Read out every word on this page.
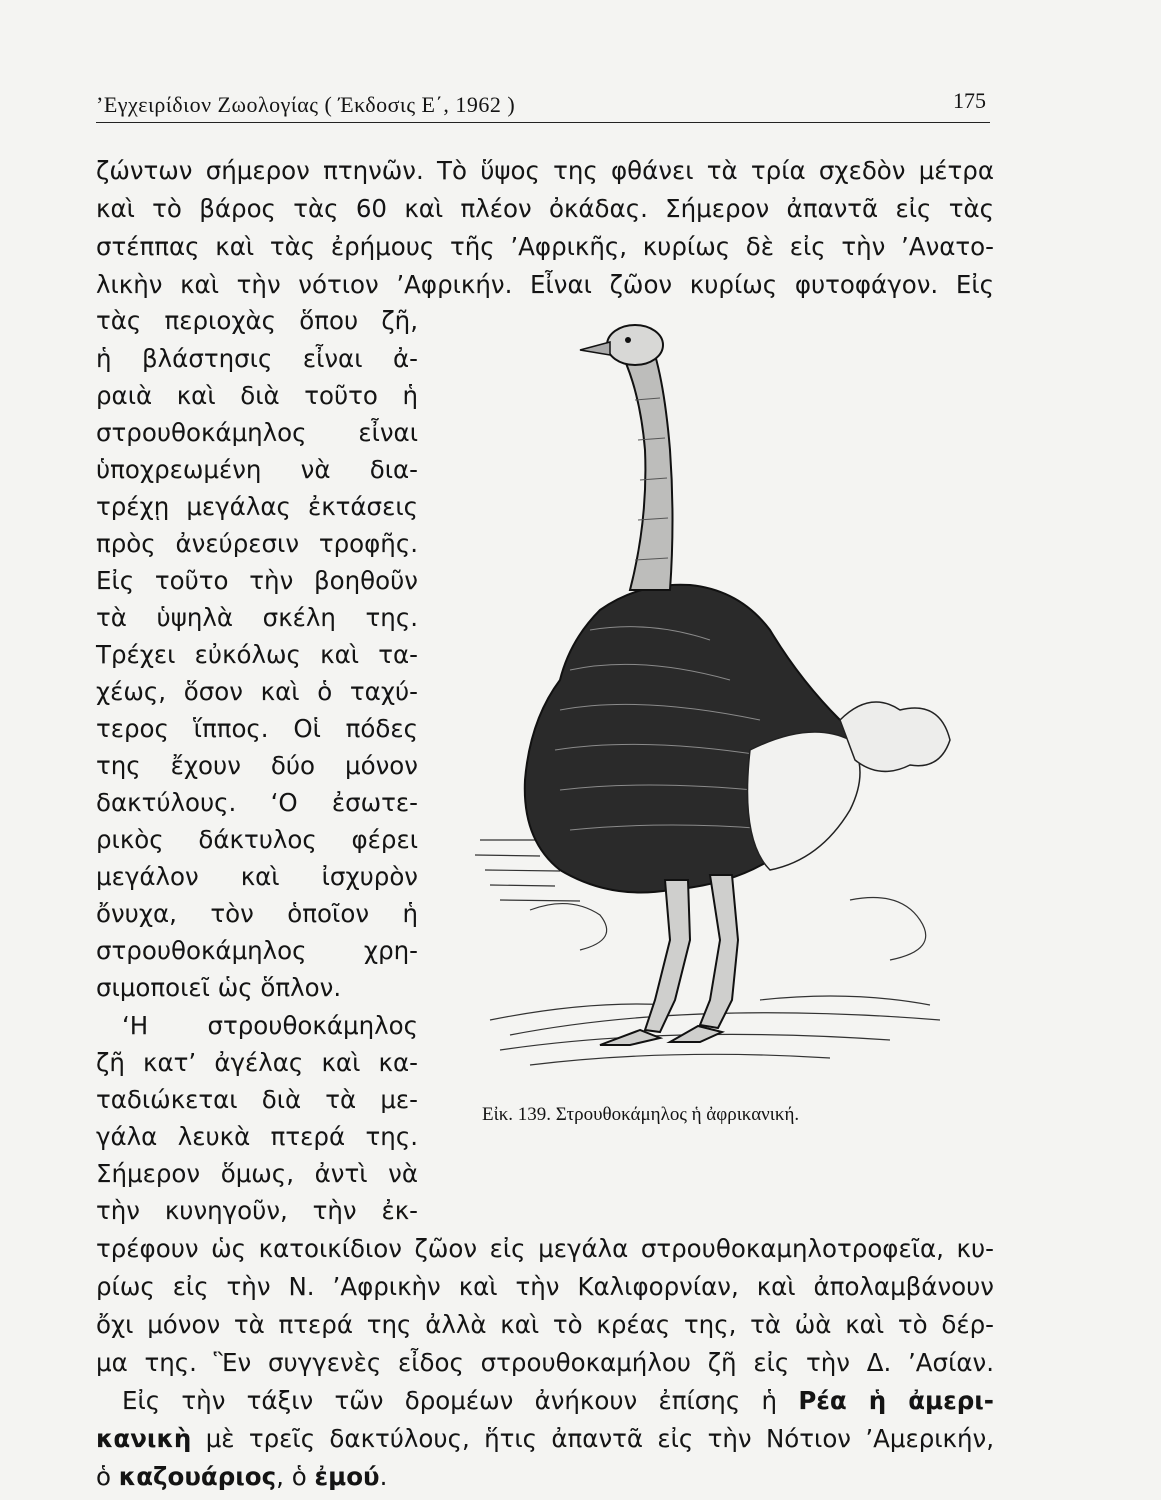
’Εγχειρίδιον Ζωολογίας ( Έκδοσις Ε΄, 1962 )	175
ζώντων σήμερον πτηνῶν. Τὸ ὕψος της φθάνει τὰ τρία σχεδὸν μέτρα
καὶ τὸ βάρος τὰς 60 καὶ πλέον ὀκάδας. Σήμερον ἀπαντᾶ εἰς τὰς
στέππας καὶ τὰς ἐρήμους τῆς ’Αφρικῆς, κυρίως δὲ εἰς τὴν ’Ανατο-
λικὴν καὶ τὴν νότιον ’Αφρικήν. Εἶναι ζῶον κυρίως φυτοφάγον. Εἰς
τὰς περιοχὰς ὅπου ζῆ,
ἡ βλάστησις εἶναι ἀ-
ραιὰ καὶ διὰ τοῦτο ἡ
στρουθοκάμηλος εἶναι
ὑποχρεωμένη νὰ δια-
τρέχῃ μεγάλας ἐκτάσεις
πρὸς ἀνεύρεσιν τροφῆς.
Εἰς τοῦτο τὴν βοηθοῦν
τὰ ὑψηλὰ σκέλη της.
Τρέχει εὐκόλως καὶ τα-
χέως, ὅσον καὶ ὁ ταχύ-
τερος ἵππος. Οἱ πόδες
της ἔχουν δύο μόνον
δακτύλους. ‘Ο ἐσωτε-
ρικὸς δάκτυλος φέρει
μεγάλον καὶ ἰσχυρὸν
ὄνυχα, τὸν ὁποῖον ἡ
στρουθοκάμηλος χρη-
σιμοποιεῖ ὡς ὅπλον.
‘Η στρουθοκάμηλος
ζῆ κατ’ ἀγέλας καὶ κα-
ταδιώκεται διὰ τὰ με-
γάλα λευκὰ πτερά της.
Σήμερον ὅμως, ἀντὶ νὰ
τὴν κυνηγοῦν, τὴν ἐκ-
τρέφουν ὡς κατοικίδιον ζῶον εἰς μεγάλα στρουθοκαμηλοτροφεῖα, κυ-
ρίως εἰς τὴν Ν. ’Αφρικὴν καὶ τὴν Καλιφορνίαν, καὶ ἀπολαμβάνουν
ὄχι μόνον τὰ πτερά της ἀλλὰ καὶ τὸ κρέας της, τὰ ὠὰ καὶ τὸ δέρ-
μα της. Ἓν συγγενὲς εἶδος στρουθοκαμήλου ζῆ εἰς τὴν Δ. ’Ασίαν.
Εἰς τὴν τάξιν τῶν δρομέων ἀνήκουν ἐπίσης ἡ Ρέα ἡ ἀμερι-
κανικὴ μὲ τρεῖς δακτύλους, ἥτις ἀπαντᾶ εἰς τὴν Νότιον ’Αμερικήν,
ὁ καζουάριος, ὁ ἐμού.
Εἰκ. 139. Στρουθοκάμηλος ἡ ἀφρικανική.
